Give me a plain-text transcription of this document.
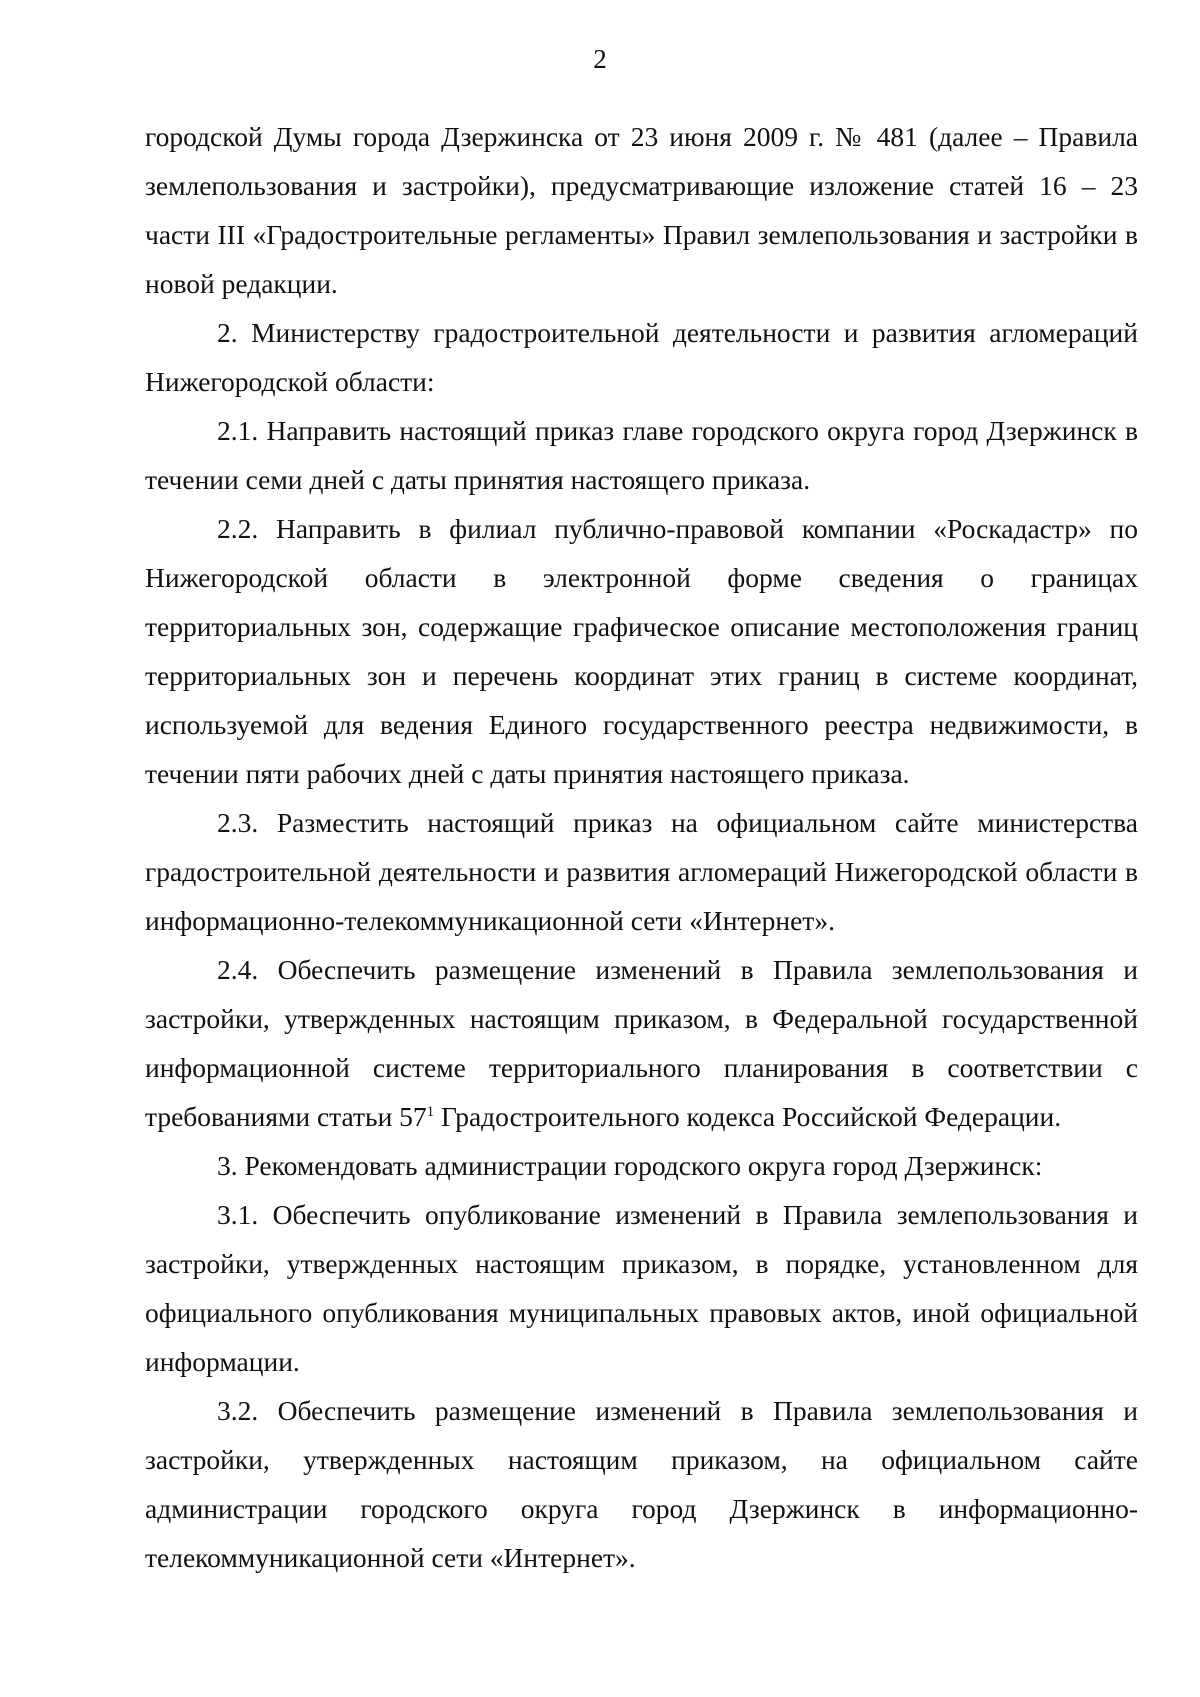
2

городской Думы города Дзержинска от 23 июня 2009 г. № 481 (далее – Правила землепользования и застройки), предусматривающие изложение статей 16 – 23 части III «Градостроительные регламенты» Правил землепользования и застройки в новой редакции.

2. Министерству градостроительной деятельности и развития агломераций Нижегородской области:

2.1. Направить настоящий приказ главе городского округа город Дзержинск в течении семи дней с даты принятия настоящего приказа.

2.2. Направить в филиал публично-правовой компании «Роскадастр» по Нижегородской области в электронной форме сведения о границах территориальных зон, содержащие графическое описание местоположения границ территориальных зон и перечень координат этих границ в системе координат, используемой для ведения Единого государственного реестра недвижимости, в течении пяти рабочих дней с даты принятия настоящего приказа.

2.3. Разместить настоящий приказ на официальном сайте министерства градостроительной деятельности и развития агломераций Нижегородской области в информационно-телекоммуникационной сети «Интернет».

2.4. Обеспечить размещение изменений в Правила землепользования и застройки, утвержденных настоящим приказом, в Федеральной государственной информационной системе территориального планирования в соответствии с требованиями статьи $57^1$ Градостроительного кодекса Российской Федерации.

3. Рекомендовать администрации городского округа город Дзержинск:

3.1. Обеспечить опубликование изменений в Правила землепользования и застройки, утвержденных настоящим приказом, в порядке, установленном для официального опубликования муниципальных правовых актов, иной официальной информации.

3.2. Обеспечить размещение изменений в Правила землепользования и застройки, утвержденных настоящим приказом, на официальном сайте администрации городского округа город Дзержинск в информационно-телекоммуникационной сети «Интернет».
